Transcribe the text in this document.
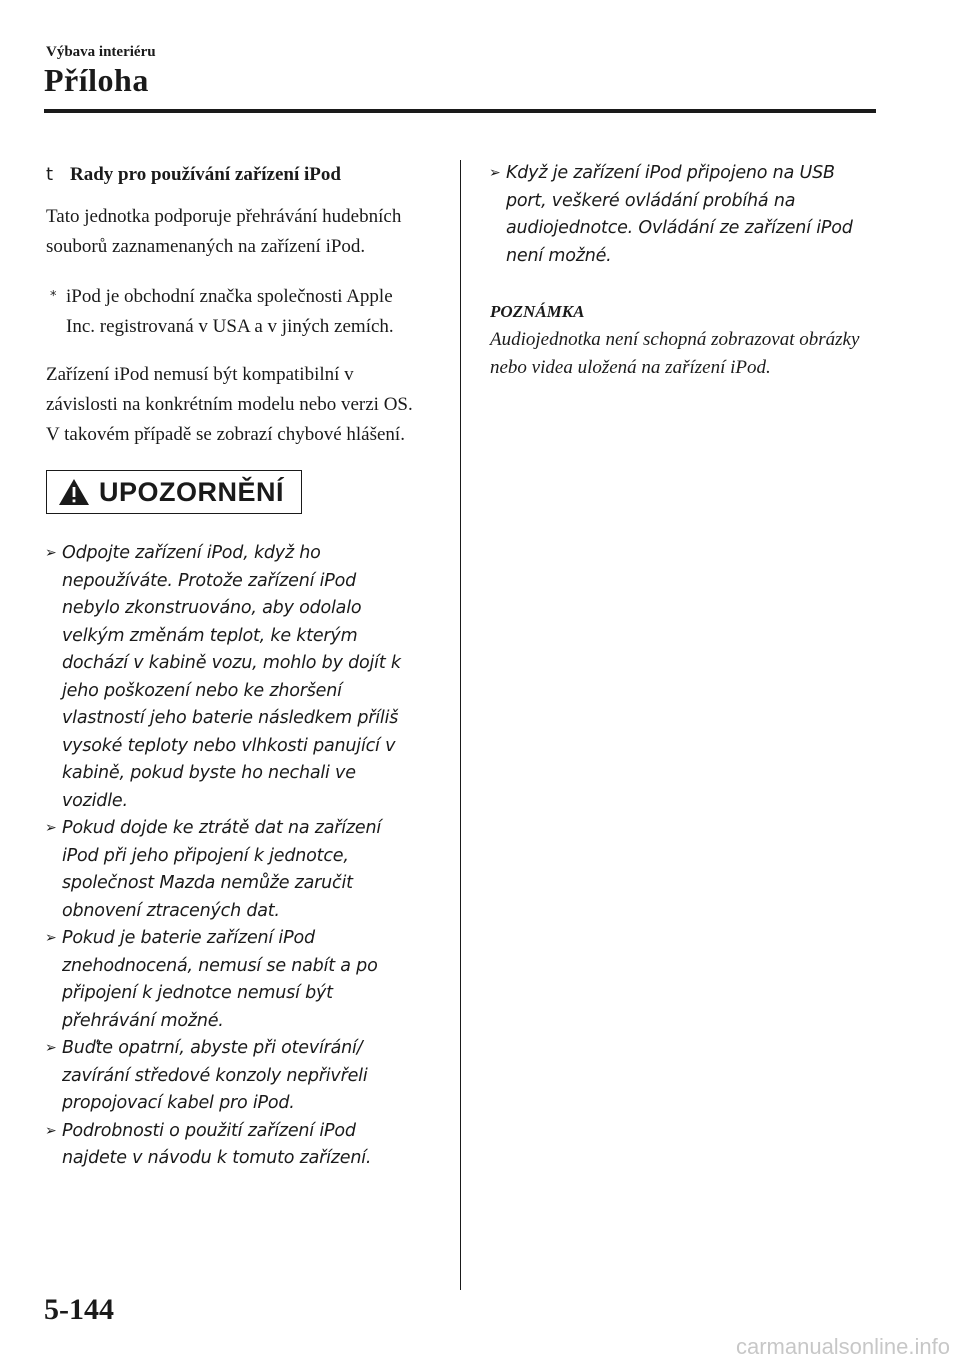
Výbava interiéru
Příloha
t Rady pro používání zařízení iPod

Tato jednotka podporuje přehrávání hudebních souborů zaznamenaných na zařízení iPod.

* iPod je obchodní značka společnosti Apple Inc. registrovaná v USA a v jiných zemích.

Zařízení iPod nemusí být kompatibilní v závislosti na konkrétním modelu nebo verzi OS. V takovém případě se zobrazí chybové hlášení.

UPOZORNĚNÍ
➢ Odpojte zařízení iPod, když ho nepoužíváte. Protože zařízení iPod nebylo zkonstruováno, aby odolalo velkým změnám teplot, ke kterým dochází v kabině vozu, mohlo by dojít k jeho poškození nebo ke zhoršení vlastností jeho baterie následkem příliš vysoké teploty nebo vlhkosti panující v kabině, pokud byste ho nechali ve vozidle.
➢ Pokud dojde ke ztrátě dat na zařízení iPod při jeho připojení k jednotce, společnost Mazda nemůže zaručit obnovení ztracených dat.
➢ Pokud je baterie zařízení iPod znehodnocená, nemusí se nabít a po připojení k jednotce nemusí být přehrávání možné.
➢ Buďte opatrní, abyste při otevírání/ zavírání středové konzoly nepřivřeli propojovací kabel pro iPod.
➢ Podrobnosti o použití zařízení iPod najdete v návodu k tomuto zařízení.
➢ Když je zařízení iPod připojeno na USB port, veškeré ovládání probíhá na audiojednotce. Ovládání ze zařízení iPod není možné.
POZNÁMKA
Audiojednotka není schopná zobrazovat obrázky nebo videa uložená na zařízení iPod.
5-144
carmanualsonline.info
